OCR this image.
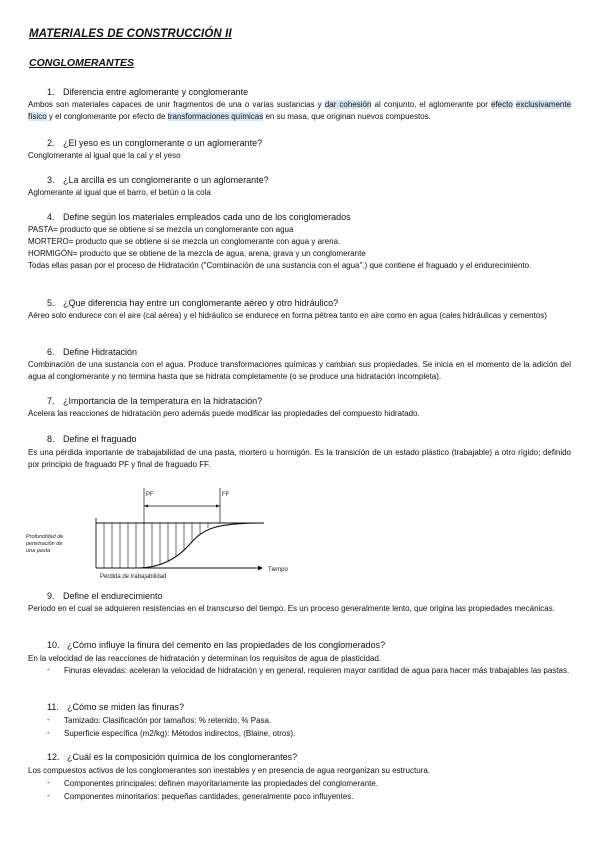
MATERIALES DE CONSTRUCCIÓN II
CONGLOMERANTES
1. Diferencia entre aglomerante y conglomerante
Ambos son materiales capaces de unir fragmentos de una o varias sustancias y dar cohesión al conjunto, el aglomerante por efecto exclusivamente físico y el conglomerante por efecto de transformaciones químicas en su masa, que originan nuevos compuestos.
2. ¿El yeso es un conglomerante o un aglomerante?
Conglomerante al igual que la cal y el yeso
3. ¿La arcilla es un conglomerante o un aglomerante?
Aglomerante al igual que el barro, el betún o la cola
4. Define según los materiales empleados cada uno de los conglomerados
PASTA= producto que se obtiene si se mezcla un conglomerante con agua
MORTERO= producto que se obtiene si se mezcla un conglomerante con agua y arena.
HORMIGÓN= producto que se obtiene de la mezcla de agua, arena, grava y un conglomerante
Todas ellas pasan por el proceso de Hidratación ("Combinación de una sustancia con el agua".) que contiene el fraguado y el endurecimiento.
5. ¿Que diferencia hay entre un conglomerante aéreo y otro hidráulico?
Aéreo solo endurece con el aire (cal aérea) y el hidráulico se endurece en forma pétrea tanto en aire como en agua (cales hidráulicas y cementos)
6. Define Hidratación
Combinación de una sustancia con el agua. Produce transformaciones químicas y cambian sus propiedades. Se inicia en el momento de la adición del agua al conglomerante y no termina hasta que se hidrata completamente (o se produce una hidratación incompleta).
7. ¿Importancia de la temperatura en la hidratación?
Acelera las reacciones de hidratación pero además puede modificar las propiedades del compuesto hidratado.
8. Define el fraguado
Es una pérdida importante de trabajabilidad de una pasta, mortero u hormigón. Es la transición de un estado plástico (trabajable) a otro rígido; definido por principio de fraguado PF y final de fraguado FF.
Profundidad de
penetración de
una pasta
Tiempo
PF	FF
Pérdida de trabajabilidad
9. Define el endurecimiento
Periodo en el cual se adquieren resistencias en el transcurso del tiempo. Es un proceso generalmente lento, que origina las propiedades mecánicas.
10. ¿Cómo influye la finura del cemento en las propiedades de los conglomerados?
En la velocidad de las reacciones de hidratación y determinan los requisitos de agua de plasticidad.
- Finuras elevadas: aceleran la velocidad de hidratación y en general, requieren mayor cantidad de agua para hacer más trabajables las pastas.
11. ¿Cómo se miden las finuras?
- Tamizado: Clasificación por tamaños: % retenido, % Pasa.
- Superficie específica (m2/kg): Métodos indirectos, (Blaine, otros).
12. ¿Cuál es la composición química de los conglomerantes?
Los compuestos activos de los conglomerantes son inestables y en presencia de agua reorganizan su estructura.
- Componentes principales: definen mayoritariamente las propiedades del conglomerante.
- Componentes minoritarios: pequeñas cantidades, generalmente poco influyentes.
